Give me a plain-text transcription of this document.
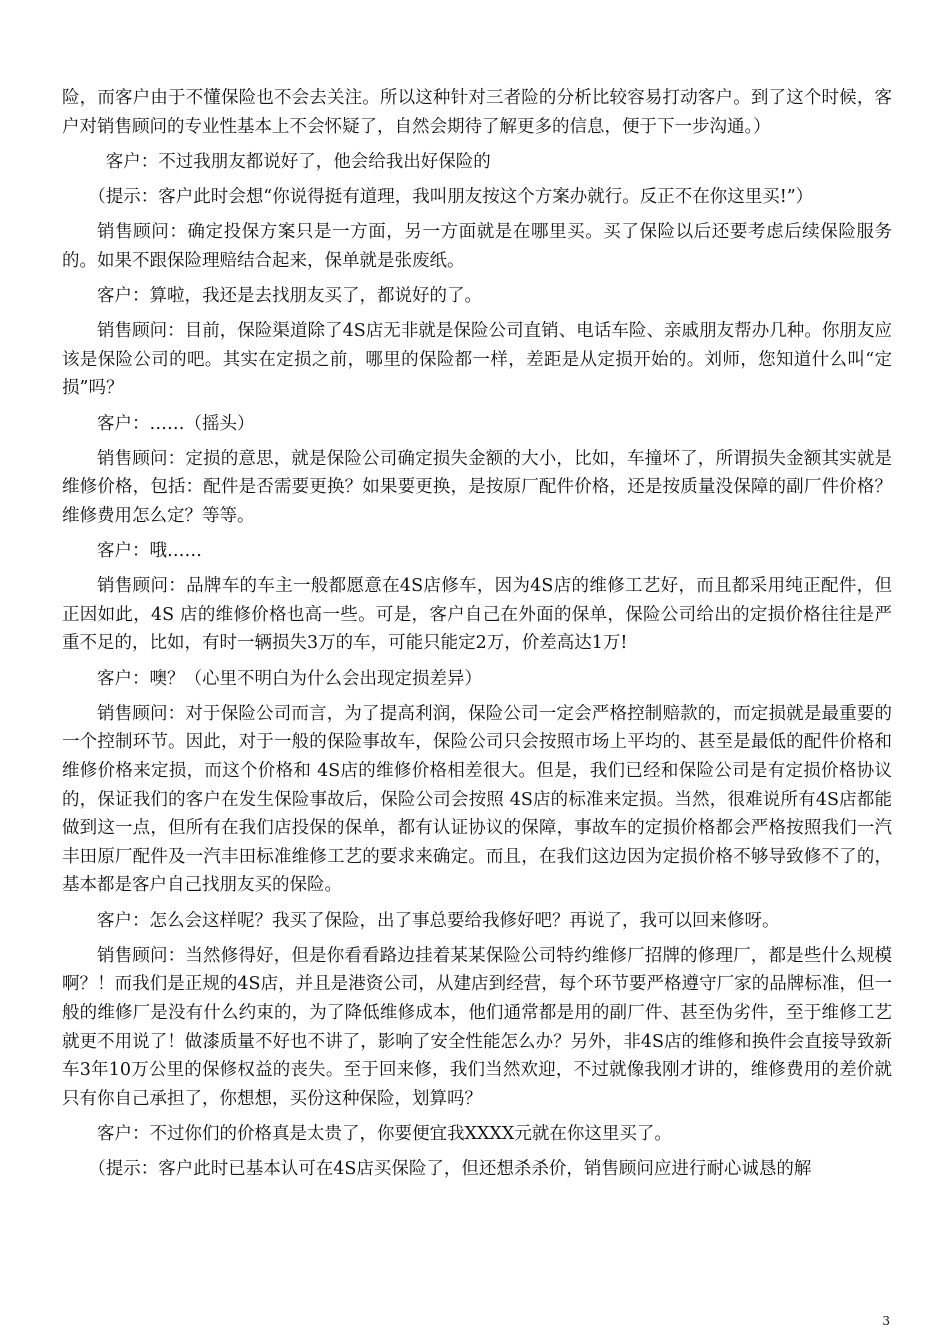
险，而客户由于不懂保险也不会去关注。所以这种针对三者险的分析比较容易打动客户。到了这个时候，客户对销售顾问的专业性基本上不会怀疑了，自然会期待了解更多的信息，便于下一步沟通。）

客户：不过我朋友都说好了，他会给我出好保险的

（提示：客户此时会想“你说得挺有道理，我叫朋友按这个方案办就行。反正不在你这里买!”）

销售顾问：确定投保方案只是一方面，另一方面就是在哪里买。买了保险以后还要考虑后续保险服务的。如果不跟保险理赔结合起来，保单就是张废纸。

客户：算啦，我还是去找朋友买了，都说好的了。

销售顾问：目前，保险渠道除了4S店无非就是保险公司直销、电话车险、亲戚朋友帮办几种。你朋友应该是保险公司的吧。其实在定损之前，哪里的保险都一样，差距是从定损开始的。刘师，您知道什么叫“定损”吗？

客户：……（摇头）

销售顾问：定损的意思，就是保险公司确定损失金额的大小，比如，车撞坏了，所谓损失金额其实就是维修价格，包括：配件是否需要更换？如果要更换，是按原厂配件价格，还是按质量没保障的副厂件价格？维修费用怎么定？等等。

客户：哦……

销售顾问：品牌车的车主一般都愿意在4S店修车，因为4S店的维修工艺好，而且都采用纯正配件，但正因如此，4S 店的维修价格也高一些。可是，客户自己在外面的保单，保险公司给出的定损价格往往是严重不足的，比如，有时一辆损失3万的车，可能只能定2万，价差高达1万!

客户：噢？（心里不明白为什么会出现定损差异）

销售顾问：对于保险公司而言，为了提高利润，保险公司一定会严格控制赔款的，而定损就是最重要的一个控制环节。因此，对于一般的保险事故车，保险公司只会按照市场上平均的、甚至是最低的配件价格和维修价格来定损，而这个价格和 4S店的维修价格相差很大。但是，我们已经和保险公司是有定损价格协议的，保证我们的客户在发生保险事故后，保险公司会按照 4S店的标准来定损。当然，很难说所有4S店都能做到这一点，但所有在我们店投保的保单，都有认证协议的保障，事故车的定损价格都会严格按照我们一汽丰田原厂配件及一汽丰田标准维修工艺的要求来确定。而且，在我们这边因为定损价格不够导致修不了的，基本都是客户自己找朋友买的保险。

客户：怎么会这样呢？我买了保险，出了事总要给我修好吧？再说了，我可以回来修呀。

销售顾问：当然修得好，但是你看看路边挂着某某保险公司特约维修厂招牌的修理厂，都是些什么规模啊？！而我们是正规的4S店，并且是港资公司，从建店到经营，每个环节要严格遵守厂家的品牌标准，但一般的维修厂是没有什么约束的，为了降低维修成本，他们通常都是用的副厂件、甚至伪劣件，至于维修工艺就更不用说了！做漆质量不好也不讲了，影响了安全性能怎么办？另外，非4S店的维修和换件会直接导致新车3年10万公里的保修权益的丧失。至于回来修，我们当然欢迎，不过就像我刚才讲的，维修费用的差价就只有你自己承担了，你想想，买份这种保险，划算吗？

客户：不过你们的价格真是太贵了，你要便宜我XXXX元就在你这里买了。

（提示：客户此时已基本认可在4S店买保险了，但还想杀杀价，销售顾问应进行耐心诚恳的解

3
